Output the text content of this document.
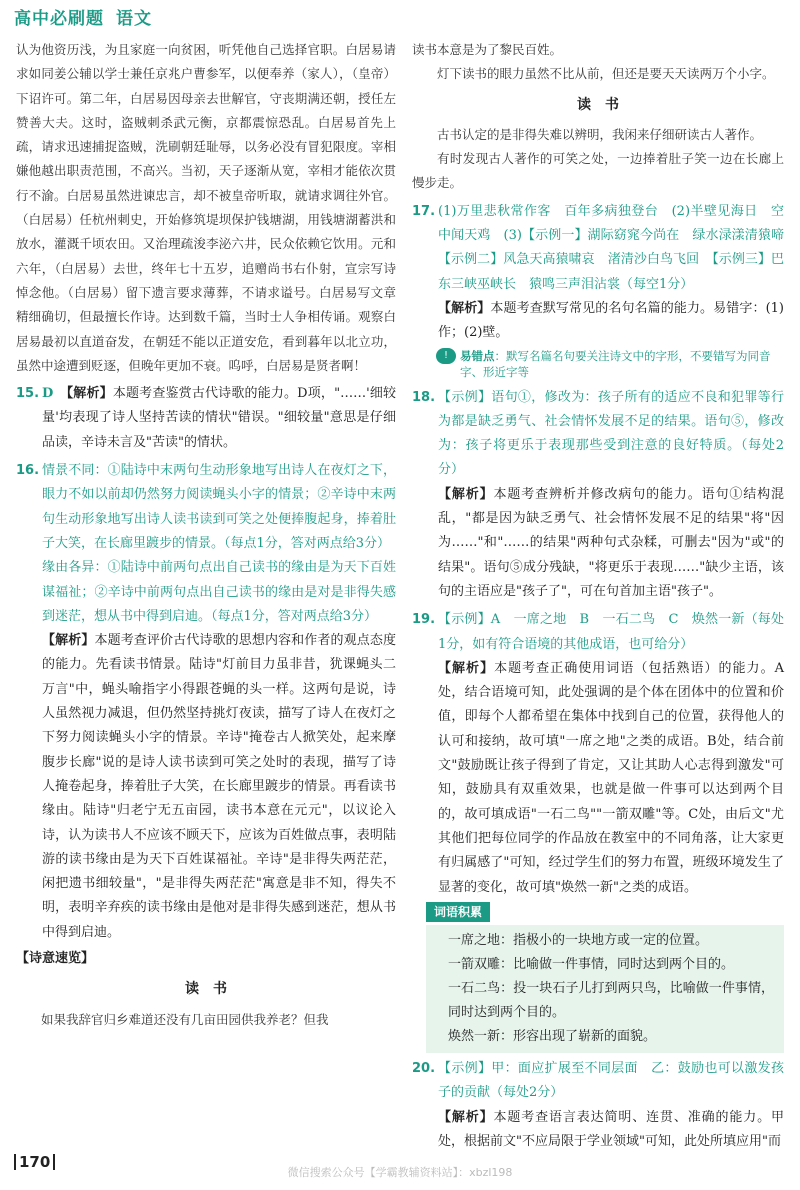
高中必刷题 语文

认为他资历浅，为且家庭一向贫困，听凭他自己选择官职。白居易请求如同姜公辅以学士兼任京兆户曹参军，以便奉养（家人），（皇帝）下诏许可。第二年，白居易因母亲去世解官，守丧期满还朝，授任左赞善大夫。这时，盗贼刺杀武元衡，京都震惊恐乱。白居易首先上疏，请求迅速捕捉盗贼，洗刷朝廷耻辱，以务必没有冒犯限度。宰相嫌他越出职责范围，不高兴。当初，天子逐渐从宽，宰相才能依次贯行不渝。白居易虽然进谏忠言，却不被皇帝听取，就请求调往外官。（白居易）任杭州刺史，开始修筑堤坝保护钱塘湖，用钱塘湖蓄洪和放水，灌溉千顷农田。又治理疏浚李泌六井，民众依赖它饮用。元和六年，（白居易）去世，终年七十五岁，追赠尚书右仆射，宣宗写诗悼念他。（白居易）留下遗言要求薄葬，不请求谥号。白居易写文章精细确切，但最擅长作诗。达到数千篇，当时士人争相传诵。观察白居易最初以直道奋发，在朝廷不能以正道安危，看到暮年以北立功，虽然中途遭到贬逐，但晚年更加不衰。呜呼，白居易是贤者啊！

15. D　 【解析】本题考查鉴赏古代诗歌的能力。D项，"……'细较量'均表现了诗人坚持苦读的情状"错误。"细较量"意思是仔细品读，辛诗未言及"苦读"的情状。

16. 情景不同：①陆诗中末两句生动形象地写出诗人在夜灯之下，眼力不如以前却仍然努力阅读蝇头小字的情景；②辛诗中末两句生动形象地写出诗人读书读到可笑之处便捧腹起身，捧着肚子大笑，在长廊里踱步的情景。（每点1分，答对两点给3分）

缘由各异：①陆诗中前两句点出自己读书的缘由是为天下百姓谋福祉；②辛诗中前两句点出自己读书的缘由是对是非得失感到迷茫，想从书中得到启迪。（每点1分，答对两点给3分）

【解析】本题考查评价古代诗歌的思想内容和作者的观点态度的能力。先看读书情景。陆诗"灯前目力虽非昔，犹课蝇头二万言"中，蝇头喻指字小得跟苍蝇的头一样。这两句是说，诗人虽然视力减退，但仍然坚持挑灯夜读，描写了诗人在夜灯之下努力阅读蝇头小字的情景。辛诗"掩卷古人掀笑处，起来摩腹步长廊"说的是诗人读书读到可笑之处时的表现，描写了诗人掩卷起身，捧着肚子大笑，在长廊里踱步的情景。再看读书缘由。陆诗"归老宁无五亩园，读书本意在元元"，以议论入诗，认为读书人不应该不顾天下，应该为百姓做点事，表明陆游的读书缘由是为天下百姓谋福祉。辛诗"是非得失两茫茫，闲把遗书细较量"，"是非得失两茫茫"寓意是非不知，得失不明，表明辛弃疾的读书缘由是他对是非得失感到迷茫，想从书中得到启迪。

【诗意速览】

读　书

如果我辞官归乡难道还没有几亩田园供我养老？但我

读书本意是为了黎民百姓。

灯下读书的眼力虽然不比从前，但还是要天天读两万个小字。

读　书

古书认定的是非得失难以辨明，我闲来仔细研读古人著作。

有时发现古人著作的可笑之处，一边捧着肚子笑一边在长廊上慢步走。

17. (1)万里悲秋常作客　百年多病独登台　(2)半壁见海日　空中闻天鸡　(3)【示例一】湖际窈窕今尚在　绿水渌漾清猿啼　【示例二】风急天高猿啸哀　渚清沙白鸟飞回　【示例三】巴东三峡巫峡长　猿鸣三声泪沾裳（每空1分）

【解析】本题考查默写常见的名句名篇的能力。易错字：(1)作；(2)壁。

!	易错点：默写名篇名句要关注诗文中的字形，不要错写为同音字、形近字等
18. 【示例】语句①，修改为：孩子所有的适应不良和犯罪等行为都是缺乏勇气、社会情怀发展不足的结果。语句⑤，修改为：孩子将更乐于表现那些受到注意的良好特质。（每处2分）

【解析】本题考查辨析并修改病句的能力。语句①结构混乱，"都是因为缺乏勇气、社会情怀发展不足的结果"将"因为……"和"……的结果"两种句式杂糅，可删去"因为"或"的结果"。语句⑤成分残缺，"将更乐于表现……"缺少主语，该句的主语应是"孩子了"，可在句首加主语"孩子"。

19. 【示例】A　一席之地　B　一石二鸟　C　焕然一新（每处1分，如有符合语境的其他成语，也可给分）

【解析】本题考查正确使用词语（包括熟语）的能力。A处，结合语境可知，此处强调的是个体在团体中的位置和价值，即每个人都希望在集体中找到自己的位置，获得他人的认可和接纳，故可填"一席之地"之类的成语。B处，结合前文"鼓励既让孩子得到了肯定，又让其助人心志得到激发"可知，鼓励具有双重效果，也就是做一件事可以达到两个目的，故可填成语"一石二鸟""一箭双雕"等。C处，由后文"尤其他们把每位同学的作品放在教室中的不同角落，让大家更有归属感了"可知，经过学生们的努力布置，班级环境发生了显著的变化，故可填"焕然一新"之类的成语。

词语积累

一席之地：指极小的一块地方或一定的位置。

一箭双雕：比喻做一件事情，同时达到两个目的。

一石二鸟：投一块石子儿打到两只鸟，比喻做一件事情，同时达到两个目的。

焕然一新：形容出现了崭新的面貌。

20. 【示例】甲：面应扩展至不同层面　乙：鼓励也可以激发孩子的贡献（每处2分）

【解析】本题考查语言表达简明、连贯、准确的能力。甲处，根据前文"不应局限于学业领域"可知，此处所填应用"而

170
微信搜索公众号【学霸教辅资料站】：xbzl198
